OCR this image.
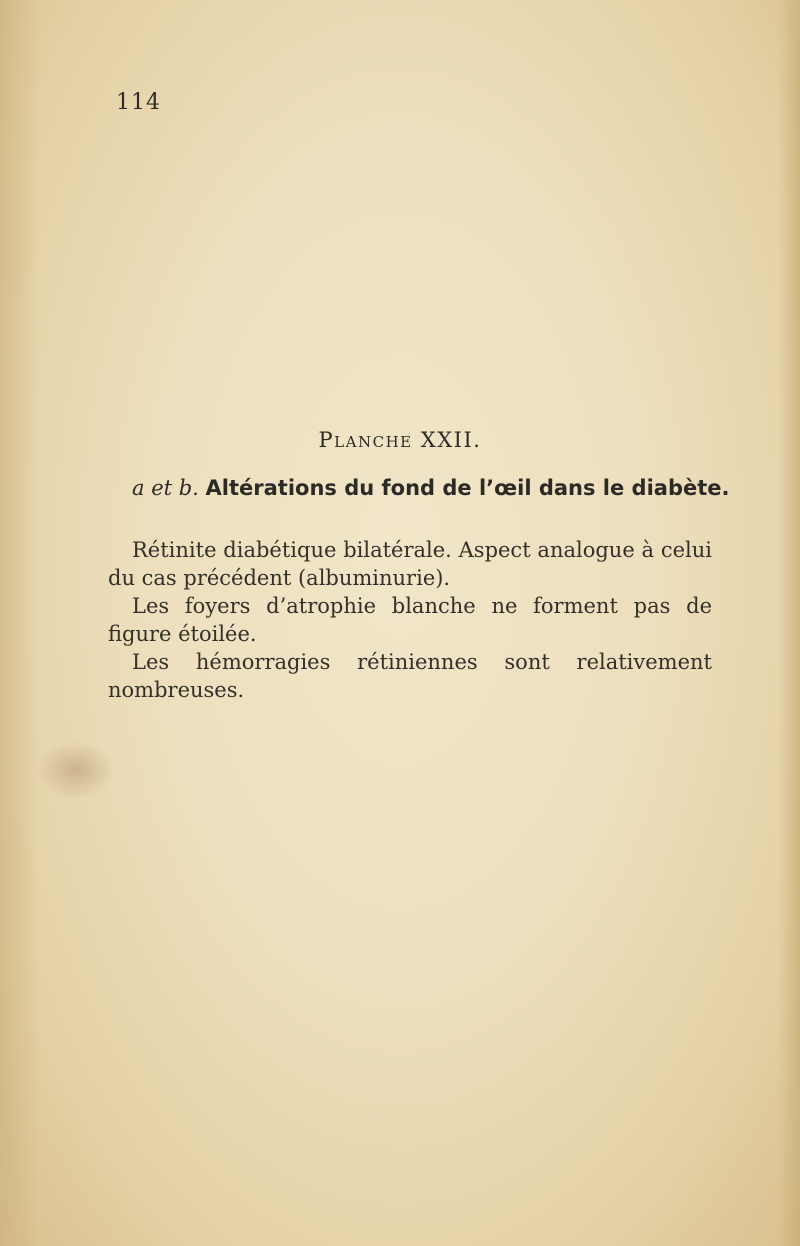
114
Planche XXII.
a et b. Altérations du fond de l’œil dans le diabète.

Rétinite diabétique bilatérale. Aspect analogue à celui du cas précédent (albuminurie).

Les foyers d’atrophie blanche ne forment pas de figure étoilée.

Les hémorragies rétiniennes sont relativement nombreuses.
